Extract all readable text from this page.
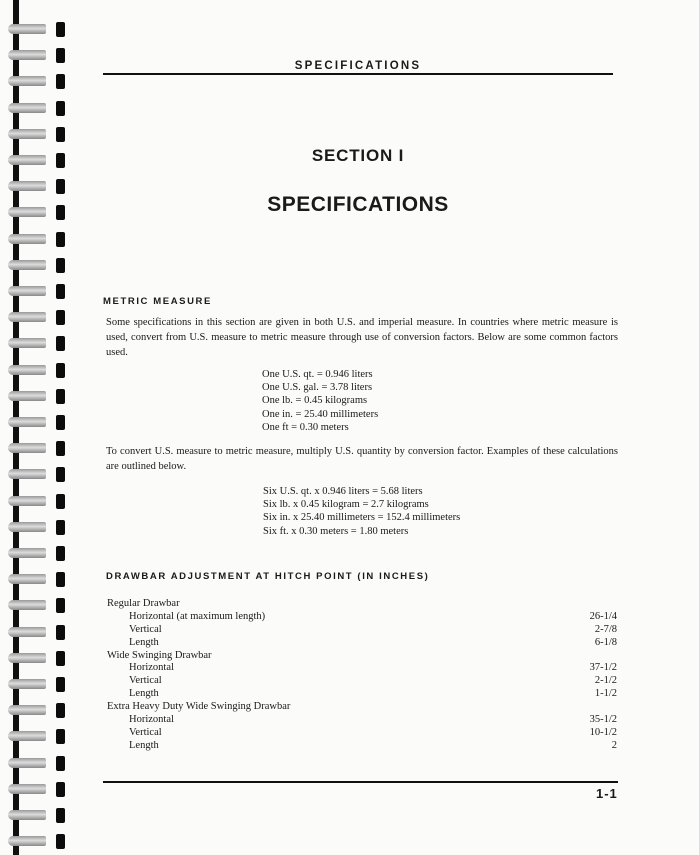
SPECIFICATIONS
SECTION I
SPECIFICATIONS
METRIC MEASURE
Some specifications in this section are given in both U.S. and imperial measure. In countries where metric measure is used, convert from U.S. measure to metric measure through use of conversion factors. Below are some common factors used.
One U.S. qt. = 0.946 liters
One U.S. gal. = 3.78 liters
One lb. = 0.45 kilograms
One in. = 25.40 millimeters
One ft = 0.30 meters
To convert U.S. measure to metric measure, multiply U.S. quantity by conversion factor. Examples of these calculations are outlined below.
Six U.S. qt. x 0.946 liters = 5.68 liters
Six lb. x 0.45 kilogram = 2.7 kilograms
Six in. x 25.40 millimeters = 152.4 millimeters
Six ft. x 0.30 meters = 1.80 meters
DRAWBAR ADJUSTMENT AT HITCH POINT (IN INCHES)
Regular Drawbar
Horizontal (at maximum length)	26-1/4
Vertical	2-7/8
Length	6-1/8
Wide Swinging Drawbar
Horizontal	37-1/2
Vertical	2-1/2
Length	1-1/2
Extra Heavy Duty Wide Swinging Drawbar
Horizontal	35-1/2
Vertical	10-1/2
Length	2
1-1
